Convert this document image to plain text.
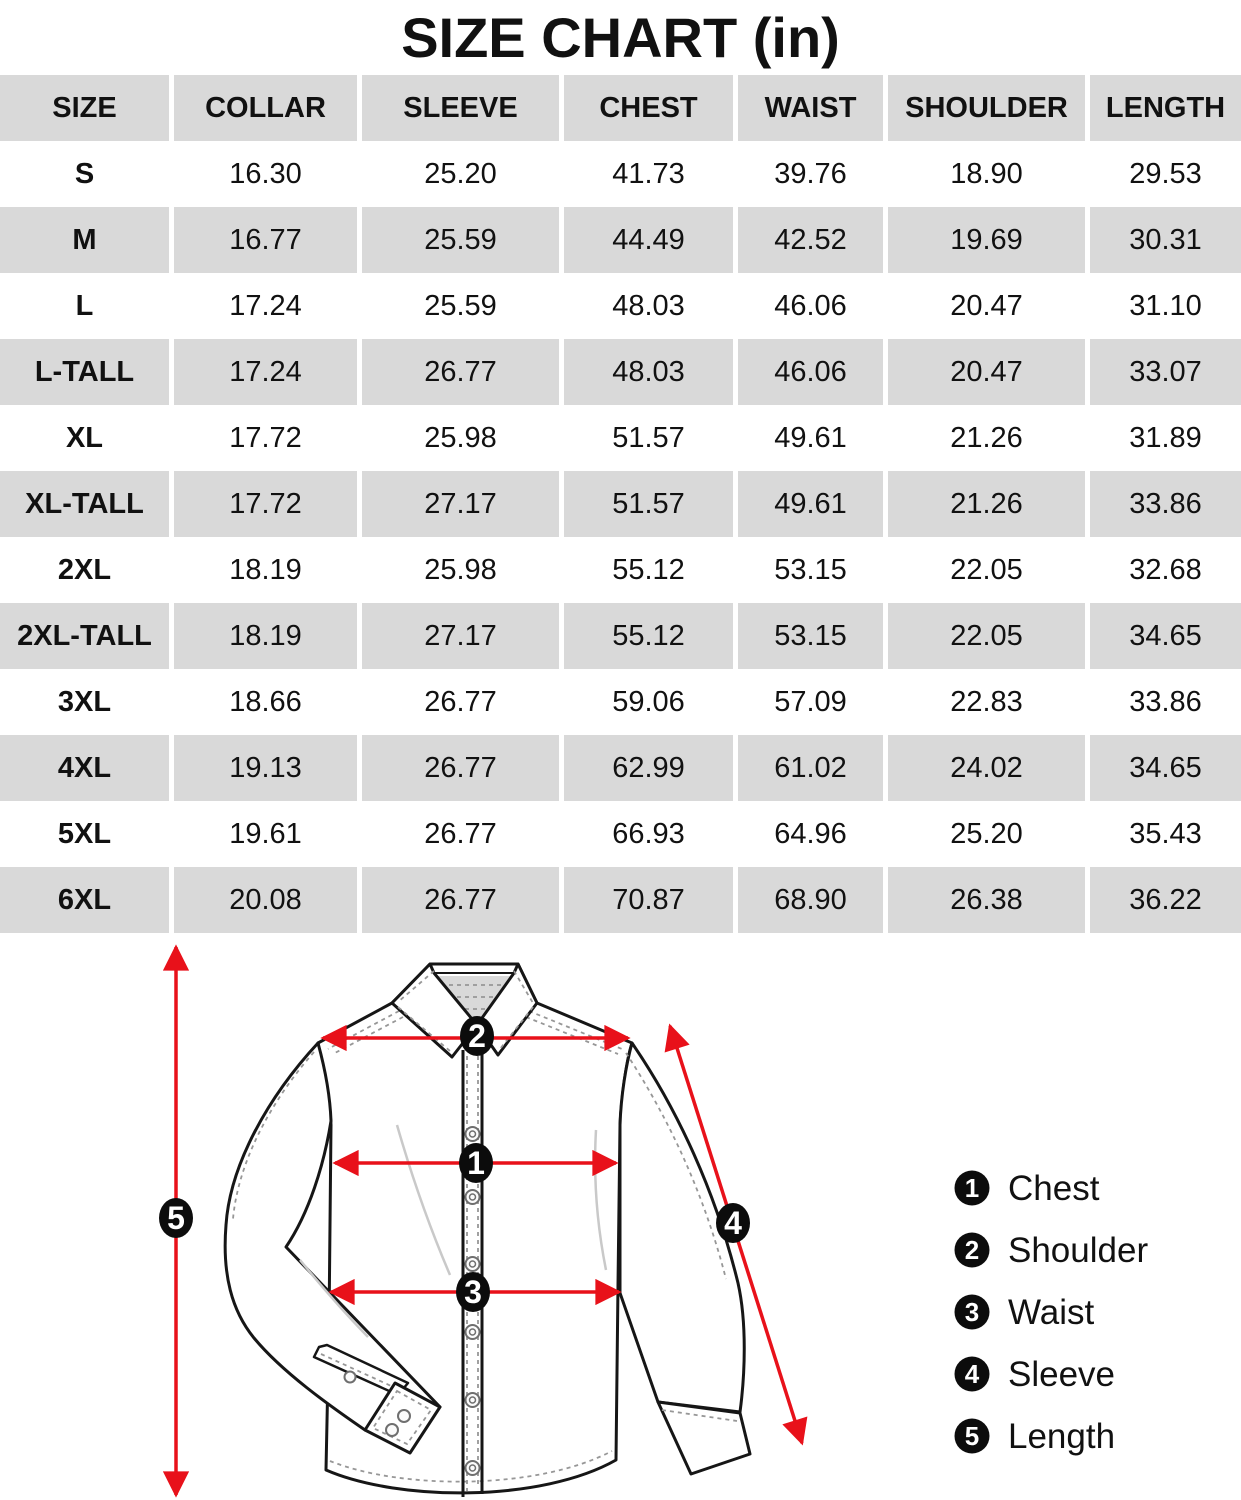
SIZE CHART (in)
SIZE	COLLAR	SLEEVE	CHEST	WAIST	SHOULDER	LENGTH
S	16.30	25.20	41.73	39.76	18.90	29.53
M	16.77	25.59	44.49	42.52	19.69	30.31
L	17.24	25.59	48.03	46.06	20.47	31.10
L-TALL	17.24	26.77	48.03	46.06	20.47	33.07
XL	17.72	25.98	51.57	49.61	21.26	31.89
XL-TALL	17.72	27.17	51.57	49.61	21.26	33.86
2XL	18.19	25.98	55.12	53.15	22.05	32.68
2XL-TALL	18.19	27.17	55.12	53.15	22.05	34.65
3XL	18.66	26.77	59.06	57.09	22.83	33.86
4XL	19.13	26.77	62.99	61.02	24.02	34.65
5XL	19.61	26.77	66.93	64.96	25.20	35.43
6XL	20.08	26.77	70.87	68.90	26.38	36.22
1
2
3
4
5
1 Chest
2 Shoulder
3 Waist
4 Sleeve
5 Length
